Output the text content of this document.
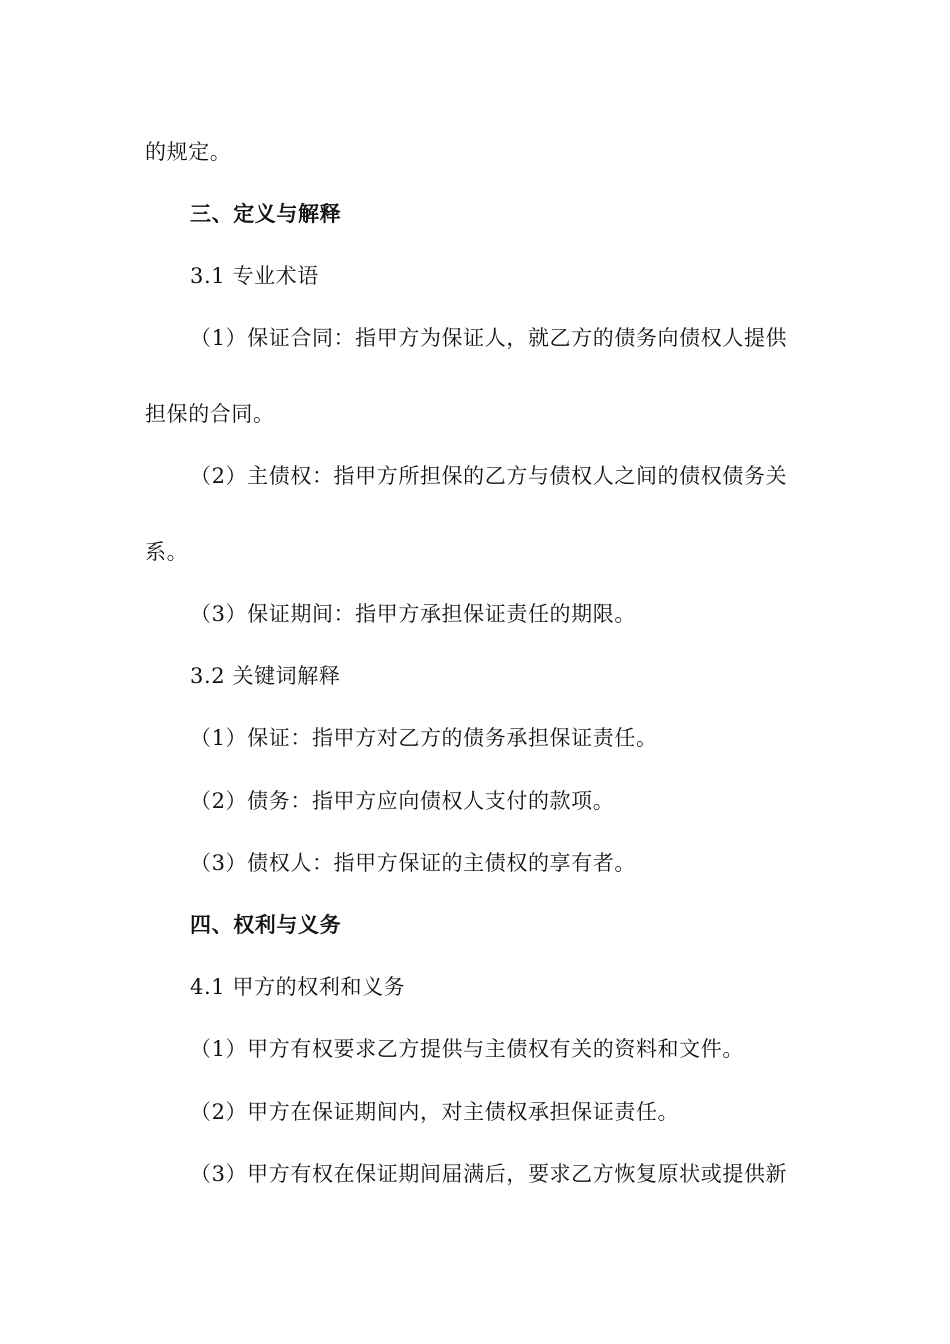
的规定。
三、定义与解释
3.1 专业术语
（1）保证合同：指甲方为保证人，就乙方的债务向债权人提供
担保的合同。
（2）主债权：指甲方所担保的乙方与债权人之间的债权债务关
系。
（3）保证期间：指甲方承担保证责任的期限。
3.2 关键词解释
（1）保证：指甲方对乙方的债务承担保证责任。
（2）债务：指甲方应向债权人支付的款项。
（3）债权人：指甲方保证的主债权的享有者。
四、权利与义务
4.1 甲方的权利和义务
（1）甲方有权要求乙方提供与主债权有关的资料和文件。
（2）甲方在保证期间内，对主债权承担保证责任。
（3）甲方有权在保证期间届满后，要求乙方恢复原状或提供新
